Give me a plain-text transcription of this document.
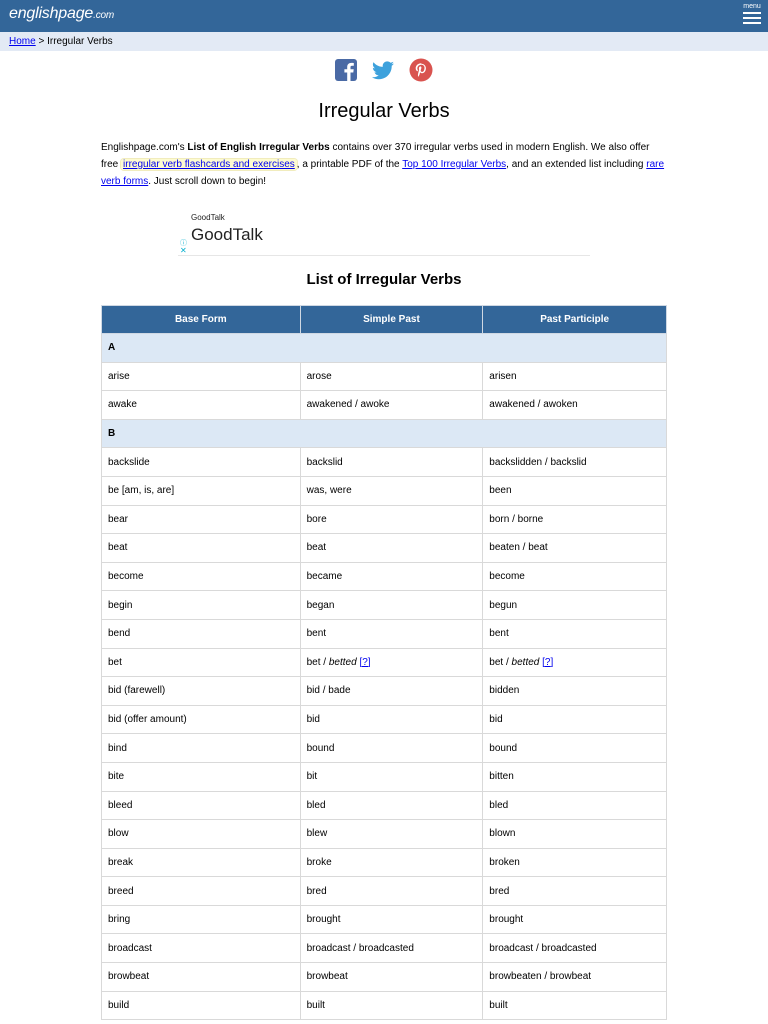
englishpage.com
menu
Home > Irregular Verbs
Irregular Verbs

Englishpage.com's List of English Irregular Verbs contains over 370 irregular verbs used in modern English. We also offer free irregular verb flashcards and exercises , a printable PDF of the Top 100 Irregular Verbs, and an extended list including rare verb forms. Just scroll down to begin!

GoodTalk
GoodTalk
ⓘ
✕
List of Irregular Verbs
Base Form	Simple Past	Past Participle
A		
arise	arose	arisen
awake	awakened / awoke	awakened / awoken
B		
backslide	backslid	backslidden / backslid
be [am, is, are]	was, were	been
bear	bore	born / borne
beat	beat	beaten / beat
become	became	become
begin	began	begun
bend	bent	bent
bet	bet / betted [?]	bet / betted [?]
bid (farewell)	bid / bade	bidden
bid (offer amount)	bid	bid
bind	bound	bound
bite	bit	bitten
bleed	bled	bled
blow	blew	blown
break	broke	broken
breed	bred	bred
bring	brought	brought
broadcast	broadcast / broadcasted	broadcast / broadcasted
browbeat	browbeat	browbeaten / browbeat
build	built	built
